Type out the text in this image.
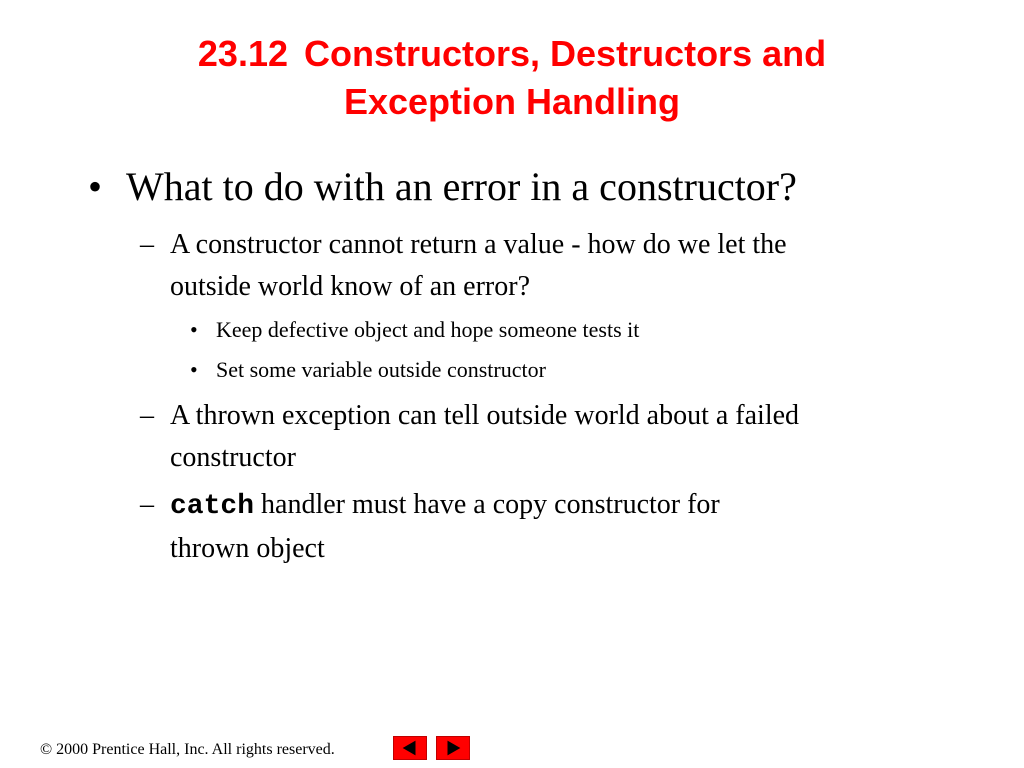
23.12 Constructors, Destructors and
Exception Handling
• What to do with an error in a constructor?
– A constructor cannot return a value - how do we let the
outside world know of an error?
• Keep defective object and hope someone tests it
• Set some variable outside constructor
– A thrown exception can tell outside world about a failed
constructor
– catch handler must have a copy constructor for
thrown object
© 2000 Prentice Hall, Inc. All rights reserved.
